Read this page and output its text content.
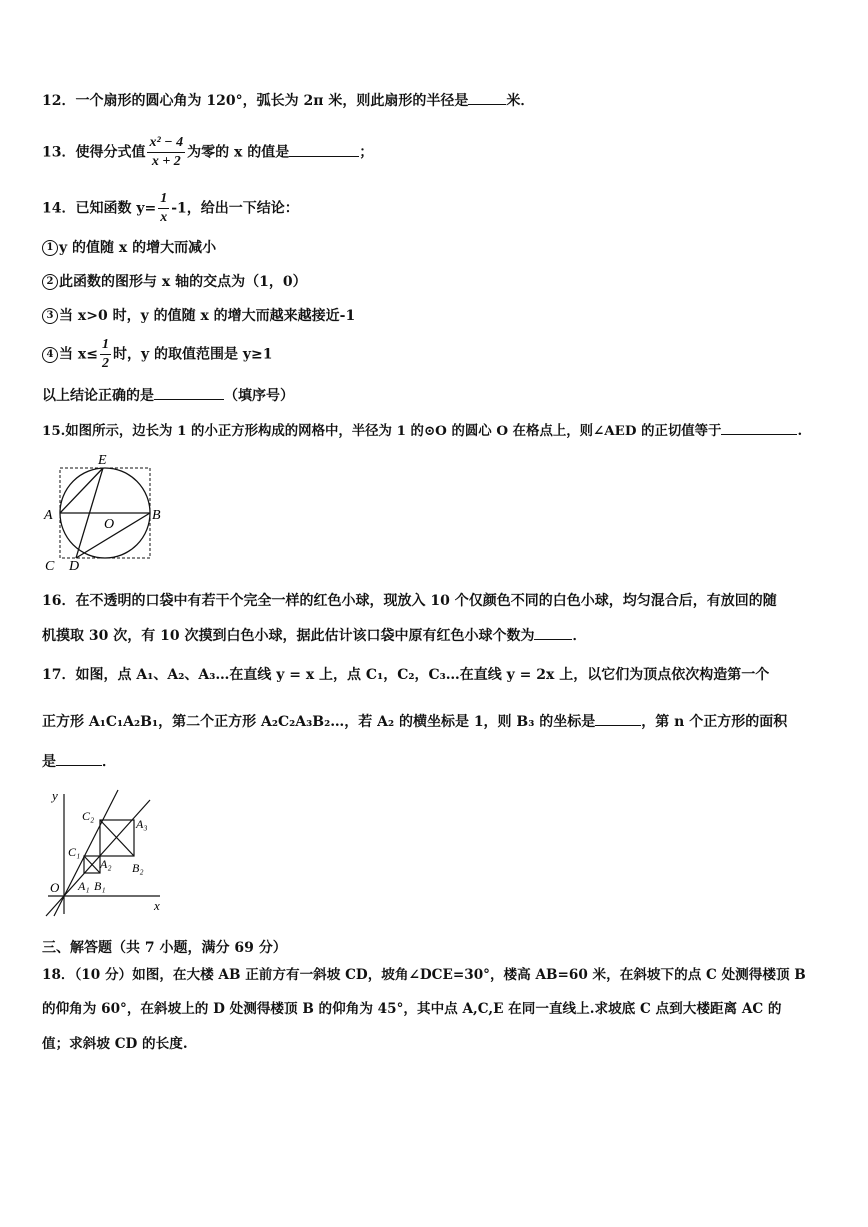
12．一个扇形的圆心角为 120°，弧长为 2π 米，则此扇形的半径是	米．
13．使得分式值 $\frac{\text{x² − 4}}{x + 2}$ 为零的 x 的值是	；
14．已知函数 $y= \frac{1}{x} -1$，给出一下结论：
1 y 的值随 x 的增大而减小
2 此函数的图形与 x 轴的交点为（1，0）
3 当 x>0 时，y 的值随 x 的增大而越来越接近-1
4 当 $x\le \frac{1}{2}$ 时，y 的取值范围是 y≥1
以上结论正确的是	（填序号）
15.如图所示，边长为 1 的小正方形构成的网格中，半径为 1 的⊙O 的圆心 O 在格点上，则∠AED 的正切值等于	.
E
A
O
B
C D
16．在不透明的口袋中有若干个完全一样的红色小球，现放入 10 个仅颜色不同的白色小球，均匀混合后，有放回的随
机摸取 30 次，有 10 次摸到白色小球，据此估计该口袋中原有红色小球个数为	．
17．如图，点 A₁、A₂、A₃…在直线 y = x 上，点 C₁，C₂，C₃…在直线 y = 2x 上，以它们为顶点依次构造第一个
正方形 A₁C₁A₂B₁，第二个正方形 A₂C₂A₃B₂…，若 A₂ 的横坐标是 1，则 B₃ 的坐标是	，第 n 个正方形的面积
是	．
y
x
O
C₂
A₃
C₁
A₂ B₂
A₁ B₁
三、解答题（共 7 小题，满分 69 分）
18．（10 分）如图，在大楼 AB 正前方有一斜坡 CD，坡角∠DCE=30°，楼高 AB=60 米，在斜坡下的点 C 处测得楼顶 B
的仰角为 60°，在斜坡上的 D 处测得楼顶 B 的仰角为 45°，其中点 A,C,E 在同一直线上.求坡底 C 点到大楼距离 AC 的
值；求斜坡 CD 的长度.
